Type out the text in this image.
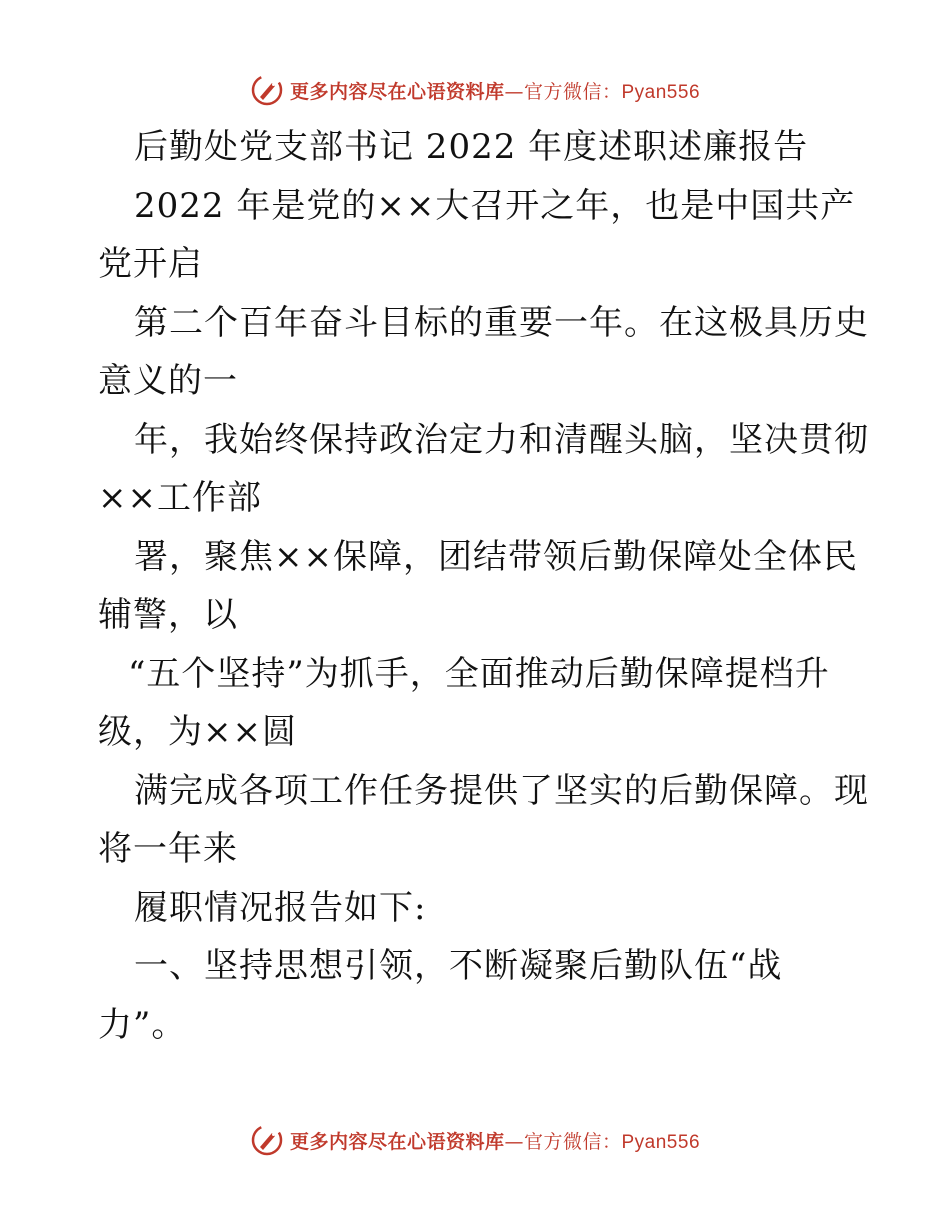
更多内容尽在心语资料库—官方微信：Pyan556
后勤处党支部书记 2022 年度述职述廉报告
2022 年是党的××大召开之年，也是中国共产
党开启
第二个百年奋斗目标的重要一年。在这极具历史
意义的一
年，我始终保持政治定力和清醒头脑，坚决贯彻
××工作部
署，聚焦××保障，团结带领后勤保障处全体民
辅警，以
“五个坚持”为抓手，全面推动后勤保障提档升
级，为××圆
满完成各项工作任务提供了坚实的后勤保障。现
将一年来
履职情况报告如下:
一、坚持思想引领，不断凝聚后勤队伍“战
力”。
更多内容尽在心语资料库—官方微信：Pyan556
